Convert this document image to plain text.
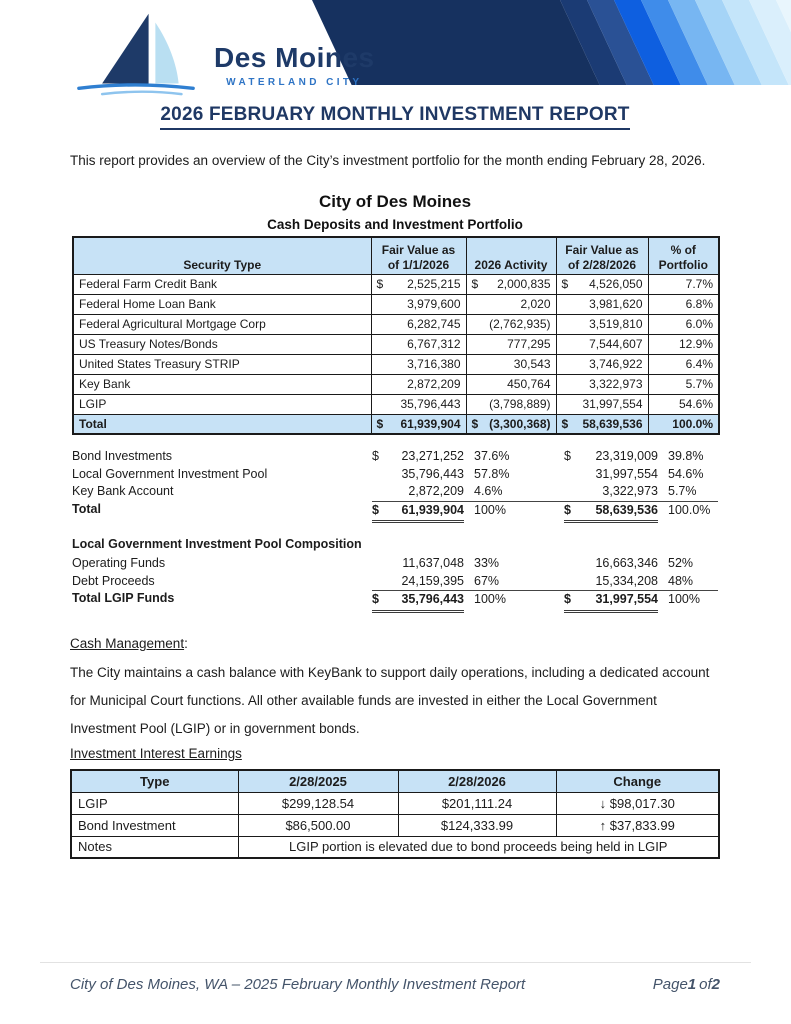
Des Moines
WATERLAND CITY
2026 FEBRUARY MONTHLY INVESTMENT REPORT

This report provides an overview of the City’s investment portfolio for the month ending February 28, 2026.

City of Des Moines
Cash Deposits and Investment Portfolio
Security Type	Fair Value as of 1/1/2026	2026 Activity	Fair Value as of 2/28/2026	% of Portfolio
Federal Farm Credit Bank	$ 2,525,215	$ 2,000,835	$ 4,526,050	7.7%
Federal Home Loan Bank	3,979,600	2,020	3,981,620	6.8%
Federal Agricultural Mortgage Corp	6,282,745	(2,762,935)	3,519,810	6.0%
US Treasury Notes/Bonds	6,767,312	777,295	7,544,607	12.9%
United States Treasury STRIP	3,716,380	30,543	3,746,922	6.4%
Key Bank	2,872,209	450,764	3,322,973	5.7%
LGIP	35,796,443	(3,798,889)	31,997,554	54.6%
Total	$ 61,939,904	$ (3,300,368)	$ 58,639,536	100.0%
Bond Investments	$	23,271,252 37.6%	$	23,319,009 39.8%
Local Government Investment Pool	35,796,443 57.8%	31,997,554 54.6%
Key Bank Account	2,872,209 4.6%	3,322,973 5.7%
Total	$	61,939,904 100%	$	58,639,536 100.0%
Local Government Investment Pool Composition
Operating Funds	11,637,048 33%	16,663,346 52%
Debt Proceeds	24,159,395 67%	15,334,208 48%
Total LGIP Funds	$	35,796,443 100%	$	31,997,554 100%
Cash Management:

The City maintains a cash balance with KeyBank to support daily operations, including a dedicated account for Municipal Court functions. All other available funds are invested in either the Local Government Investment Pool (LGIP) or in government bonds.

Investment Interest Earnings
Type	2/28/2025	2/28/2026	Change
LGIP	$299,128.54	$201,111.24	↓ $98,017.30
Bond Investment	$86,500.00	$124,333.99	↑ $37,833.99
Notes	LGIP portion is elevated due to bond proceeds being held in LGIP		
City of Des Moines, WA – 2025 February Monthly Investment Report	Page1 of2
